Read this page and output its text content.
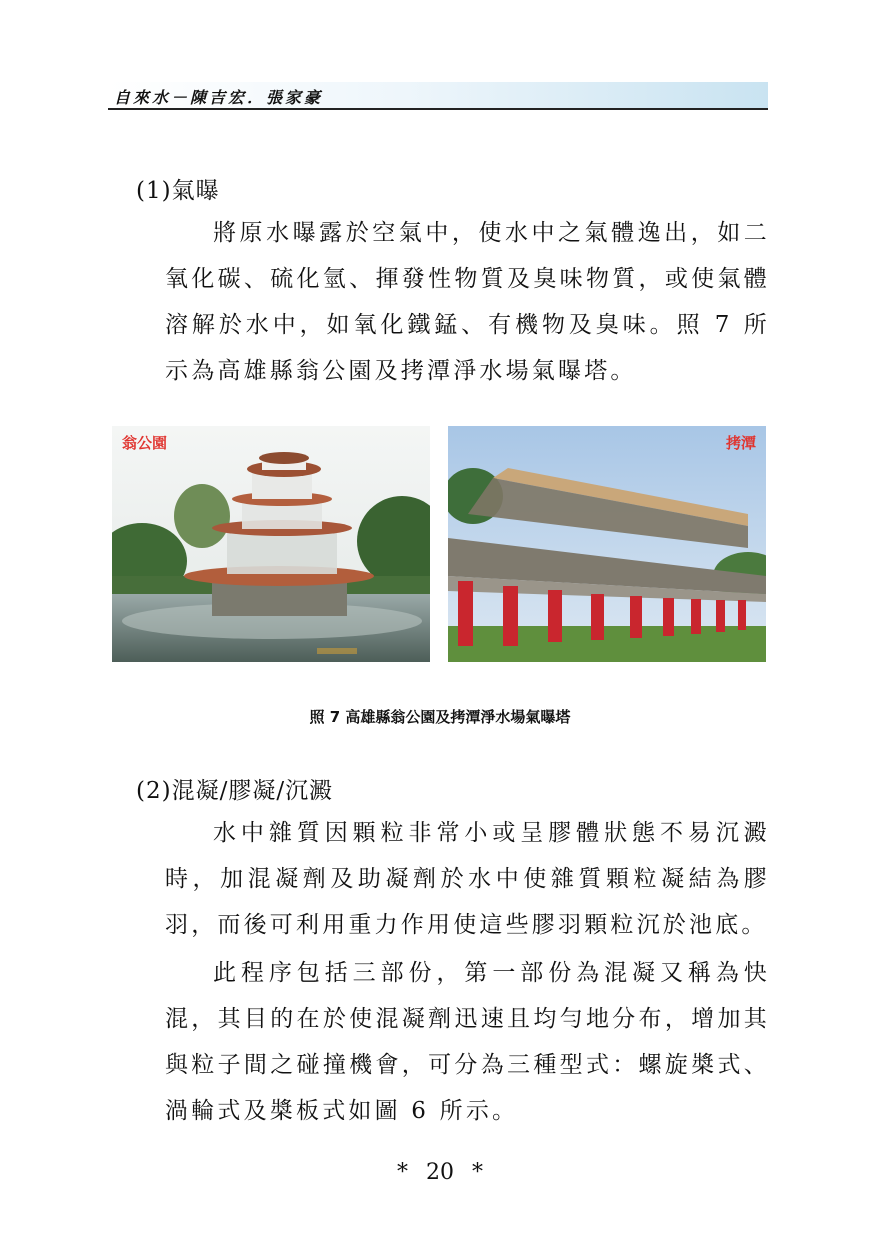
自來水－陳吉宏．張家豪
(1)氣曝

將原水曝露於空氣中，使水中之氣體逸出，如二氧化碳、硫化氫、揮發性物質及臭味物質，或使氣體溶解於水中，如氧化鐵錳、有機物及臭味。照 7 所示為高雄縣翁公園及拷潭淨水場氣曝塔。

翁公園	拷潭
照 7 高雄縣翁公園及拷潭淨水場氣曝塔
(2)混凝/膠凝/沉澱

水中雜質因顆粒非常小或呈膠體狀態不易沉澱時，加混凝劑及助凝劑於水中使雜質顆粒凝結為膠羽，而後可利用重力作用使這些膠羽顆粒沉於池底。

此程序包括三部份，第一部份為混凝又稱為快混，其目的在於使混凝劑迅速且均勻地分布，增加其與粒子間之碰撞機會，可分為三種型式：螺旋槳式、渦輪式及槳板式如圖 6 所示。

* 20 *
